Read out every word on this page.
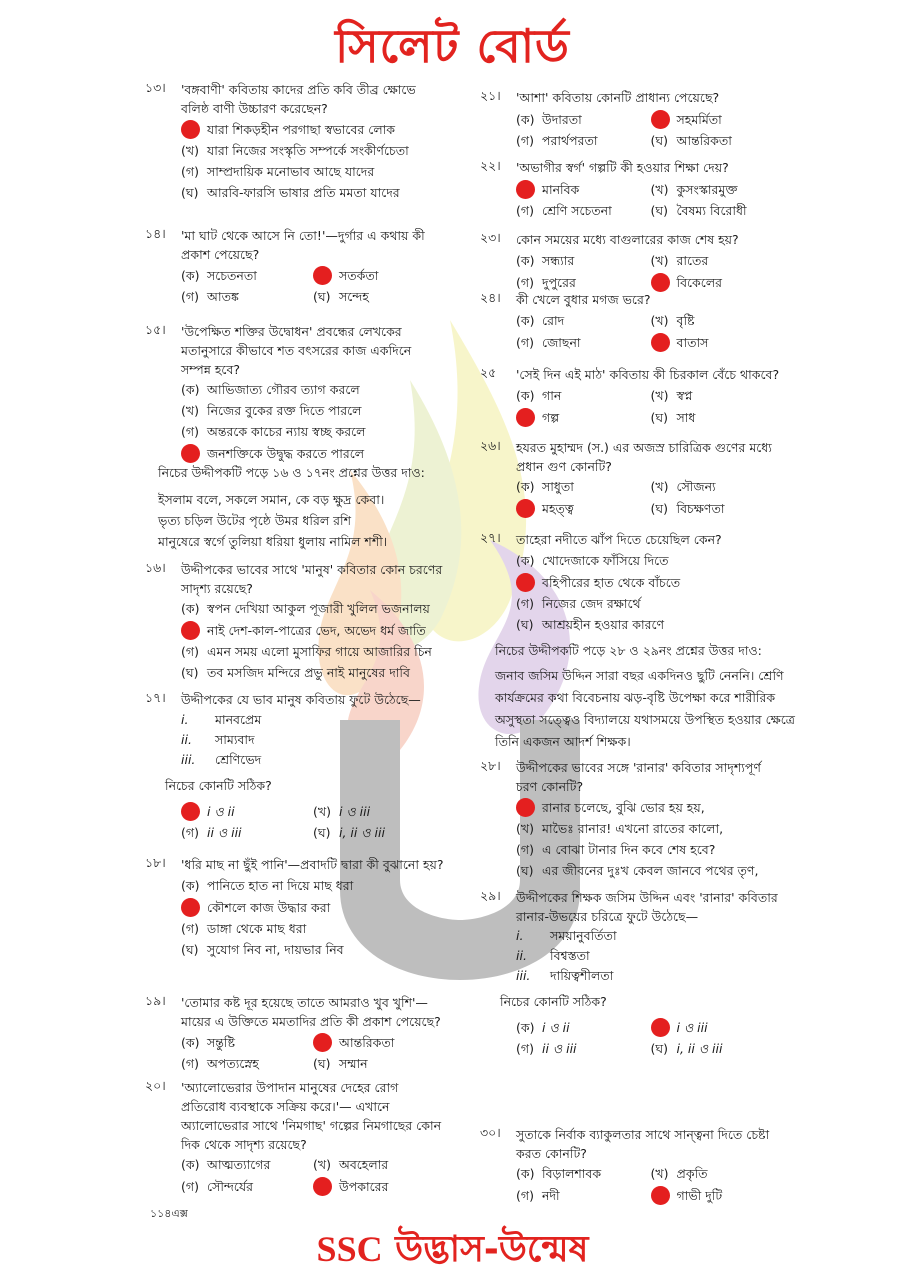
সিলেট বোর্ড
১৩।	'বঙ্গবাণী' কবিতায় কাদের প্রতি কবি তীব্র ক্ষোভে বলিষ্ঠ বাণী উচ্চারণ করেছেন?
যারা শিকড়হীন পরগাছা স্বভাবের লোক
(খ) যারা নিজের সংস্কৃতি সম্পর্কে সংকীর্ণচেতা
(গ) সাম্প্রদায়িক মনোভাব আছে যাদের
(ঘ) আরবি-ফারসি ভাষার প্রতি মমতা যাদের
১৪।	'মা ঘাট থেকে আসে নি তো!'—দুর্গার এ কথায় কী প্রকাশ পেয়েছে?
(ক) সচেতনতা	সতর্কতা
(গ) আতঙ্ক	(ঘ) সন্দেহ
১৫।	'উপেক্ষিত শক্তির উদ্বোধন' প্রবন্ধের লেখকের মতানুসারে কীভাবে শত বৎসরের কাজ একদিনে সম্পন্ন হবে?
(ক) আভিজাত্য গৌরব ত্যাগ করলে
(খ) নিজের বুকের রক্ত দিতে পারলে
(গ) অন্তরকে কাচের ন্যায় স্বচ্ছ করলে
জনশক্তিকে উদ্বুদ্ধ করতে পারলে
১৬।	উদ্দীপকের ভাবের সাথে 'মানুষ' কবিতার কোন চরণের সাদৃশ্য রয়েছে?
(ক) স্বপন দেখিয়া আকুল পূজারী খুলিল ভজনালয়
নাই দেশ-কাল-পাত্রের ভেদ, অভেদ ধর্ম জাতি
(গ) এমন সময় এলো মুসাফির গায়ে আজারির চিন
(ঘ) তব মসজিদ মন্দিরে প্রভু নাই মানুষের দাবি
১৭।	উদ্দীপকের যে ভাব মানুষ কবিতায় ফুটে উঠেছে—
i.	মানবপ্রেম
ii.	সাম্যবাদ
iii.	শ্রেণিভেদ
নিচের কোনটি সঠিক?
i ও ii	(খ) i ও iii
(গ) ii ও iii	(ঘ) i, ii ও iii
১৮।	'ধরি মাছ না ছুঁই পানি'—প্রবাদটি দ্বারা কী বুঝানো হয়?
(ক) পানিতে হাত না দিয়ে মাছ ধরা
কৌশলে কাজ উদ্ধার করা
(গ) ডাঙ্গা থেকে মাছ ধরা
(ঘ) সুযোগ নিব না, দায়ভার নিব
১৯।	'তোমার কষ্ট দূর হয়েছে তাতে আমরাও খুব খুশি'—মায়ের এ উক্তিতে মমতাদির প্রতি কী প্রকাশ পেয়েছে?
(ক) সন্তুষ্টি	আন্তরিকতা
(গ) অপত্যস্নেহ	(ঘ) সম্মান
২০।	'অ্যালোভেরার উপাদান মানুষের দেহের রোগ প্রতিরোধ ব্যবস্থাকে সক্রিয় করে।'— এখানে অ্যালোভেরার সাথে 'নিমগাছ' গল্পের নিমগাছের কোন দিক থেকে সাদৃশ্য রয়েছে?
(ক) আত্মত্যাগের	(খ) অবহেলার
(গ) সৌন্দর্যের	উপকারের
২১।	'আশা' কবিতায় কোনটি প্রাধান্য পেয়েছে?
(ক) উদারতা	সহমর্মিতা
(গ) পরার্থপরতা	(ঘ) আন্তরিকতা
২২।	'অভাগীর স্বর্গ' গল্পটি কী হওয়ার শিক্ষা দেয়?
মানবিক	(খ) কুসংস্কারমুক্ত
(গ) শ্রেণি সচেতনা	(ঘ) বৈষম্য বিরোধী
২৩।	কোন সময়ের মধ্যে বাগুলারের কাজ শেষ হয়?
(ক) সন্ধ্যার	(খ) রাতের
(গ) দুপুরের	বিকেলের
২৪।	কী খেলে বুধার মগজ ভরে?
(ক) রোদ	(খ) বৃষ্টি
(গ) জোছনা	বাতাস
২৫	'সেই দিন এই মাঠ' কবিতায় কী চিরকাল বেঁচে থাকবে?
(ক) গান	(খ) স্বপ্ন
গল্প	(ঘ) সাধ
২৬।	হযরত মুহাম্মদ (স.) এর অজস্র চারিত্রিক গুণের মধ্যে প্রধান গুণ কোনটি?
(ক) সাধুতা	(খ) সৌজন্য
মহত্ত্ব	(ঘ) বিচক্ষণতা
২৭।	তাহেরা নদীতে ঝাঁপ দিতে চেয়েছিল কেন?
(ক) খোদেজাকে ফাঁসিয়ে দিতে
বহিপীরের হাত থেকে বাঁচতে
(গ) নিজের জেদ রক্ষার্থে
(ঘ) আশ্রয়হীন হওয়ার কারণে
২৮।	উদ্দীপকের ভাবের সঙ্গে 'রানার' কবিতার সাদৃশ্যপূর্ণ চরণ কোনটি?
রানার চলেছে, বুঝি ভোর হয় হয়,
(খ) মাভৈঃ রানার! এখনো রাতের কালো,
(গ) এ বোঝা টানার দিন কবে শেষ হবে?
(ঘ) এর জীবনের দুঃখ কেবল জানবে পথের তৃণ,
২৯।	উদ্দীপকের শিক্ষক জসিম উদ্দিন এবং 'রানার' কবিতার রানার-উভয়ের চরিত্রে ফুটে উঠেছে—
i.	সময়ানুবর্তিতা
ii.	বিশ্বস্ততা
iii.	দায়িত্বশীলতা
নিচের কোনটি সঠিক?
(ক) i ও ii	i ও iii
(গ) ii ও iii	(ঘ) i, ii ও iii
৩০।	সুতাকে নির্বাক ব্যাকুলতার সাথে সান্ত্বনা দিতে চেষ্টা করত কোনটি?
(ক) বিড়ালশাবক	(খ) প্রকৃতি
(গ) নদী	গাভী দুটি
নিচের উদ্দীপকটি পড়ে ১৬ ও ১৭নং প্রশ্নের উত্তর দাও:
ইসলাম বলে, সকলে সমান, কে বড় ক্ষুদ্র কেবা।
ভৃত্য চড়িল উটের পৃষ্ঠে উমর ধরিল রশি
মানুষেরে স্বর্গে তুলিয়া ধরিয়া ধুলায় নামিল শশী।
নিচের উদ্দীপকটি পড়ে ২৮ ও ২৯নং প্রশ্নের উত্তর দাও:
জনাব জসিম উদ্দিন সারা বছর একদিনও ছুটি নেননি। শ্রেণি কার্যক্রমের কথা বিবেচনায় ঝড়-বৃষ্টি উপেক্ষা করে শারীরিক অসুস্থতা সত্ত্বেও বিদ্যালয়ে যথাসময়ে উপস্থিত হওয়ার ক্ষেত্রে তিনি একজন আদর্শ শিক্ষক।
১১৪এক্স
SSC উদ্ভাস-উন্মেষ
